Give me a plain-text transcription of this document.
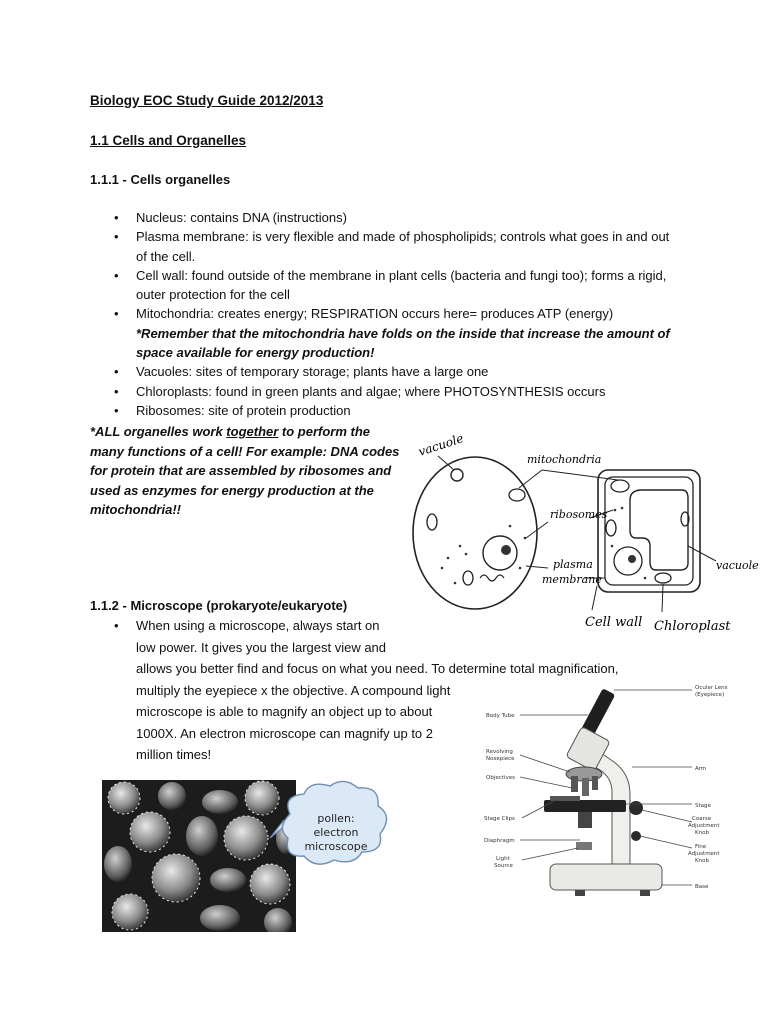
Biology EOC Study Guide 2012/2013
1.1 Cells and Organelles
1.1.1 - Cells organelles
• Nucleus: contains DNA (instructions)
• Plasma membrane: is very flexible and made of phospholipids; controls what goes in and out of the cell.
• Cell wall: found outside of the membrane in plant cells (bacteria and fungi too); forms a rigid, outer protection for the cell
• Mitochondria: creates energy; RESPIRATION occurs here= produces ATP (energy)
*Remember that the mitochondria have folds on the inside that increase the amount of space available for energy production!
• Vacuoles: sites of temporary storage; plants have a large one
• Chloroplasts: found in green plants and algae; where PHOTOSYNTHESIS occurs
• Ribosomes: site of protein production
*ALL organelles work together to perform the many functions of a cell! For example: DNA codes for protein that are assembled by ribosomes and used as enzymes for energy production at the mitochondria!!
vacuole
mitochondria
ribosomes
plasma
membrane
Cell wall Chloroplast
vacuole
1.1.2 - Microscope (prokaryote/eukaryote)
• When using a microscope, always start on
low power. It gives you the largest view and
allows you better find and focus on what you need. To determine total magnification,
multiply the eyepiece x the objective. A compound light
microscope is able to magnify an object up to about
1000X. An electron microscope can magnify up to 2
million times!
pollen:
electron
microscope
Ocular Lens
(Eyepiece)
Body Tube
Revolving
Nosepiece
Objectives
Arm
Stage
Stage Clips	Coarse
Adjustment
Knob
Diaphragm
Fine
Adjustment
Knob
Light
Source
Base
